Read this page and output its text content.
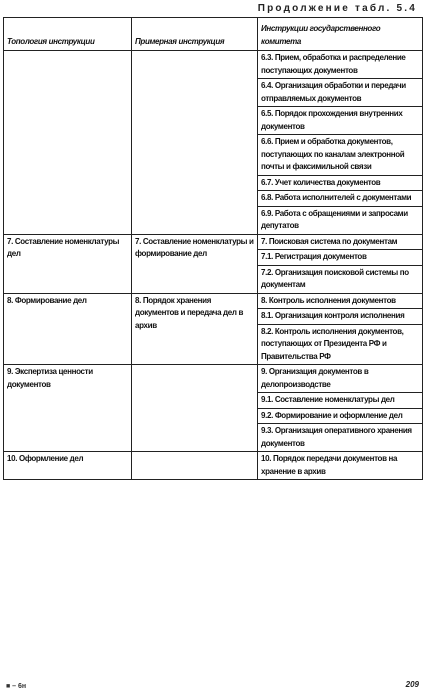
Продолжение табл. 5.4
Топология инструкции	Примерная инструкция	Инструкции государственного комитета
		6.3. Прием, обработка и распределение поступающих документов
		6.4. Организация обработки и передачи отправляемых документов
		6.5. Порядок прохождения внутренних документов
		6.6. Прием и обработка документов, поступающих по каналам электронной почты и факсимильной связи
		6.7. Учет количества документов
		6.8. Работа исполнителей с документами
		6.9. Работа с обращениями и запросами депутатов
7. Составление номенклатуры дел	7. Составление номенклатуры и формирование дел	7. Поисковая система по документам
		7.1. Регистрация документов
		7.2. Организация поисковой системы по документам
8. Формирование дел	8. Порядок хранения документов и передача дел в архив	8. Контроль исполнения документов
		8.1. Организация контроля исполнения
		8.2. Контроль исполнения документов, поступающих от Президента РФ и Правительства РФ
9. Экспертиза ценности документов		9. Организация документов в делопроизводстве
		9.1. Составление номенклатуры дел
		9.2. Формирование и оформление дел
		9.3. Организация оперативного хранения документов
10. Оформление дел		10. Порядок передачи документов на хранение в архив
■ – 6н	209
